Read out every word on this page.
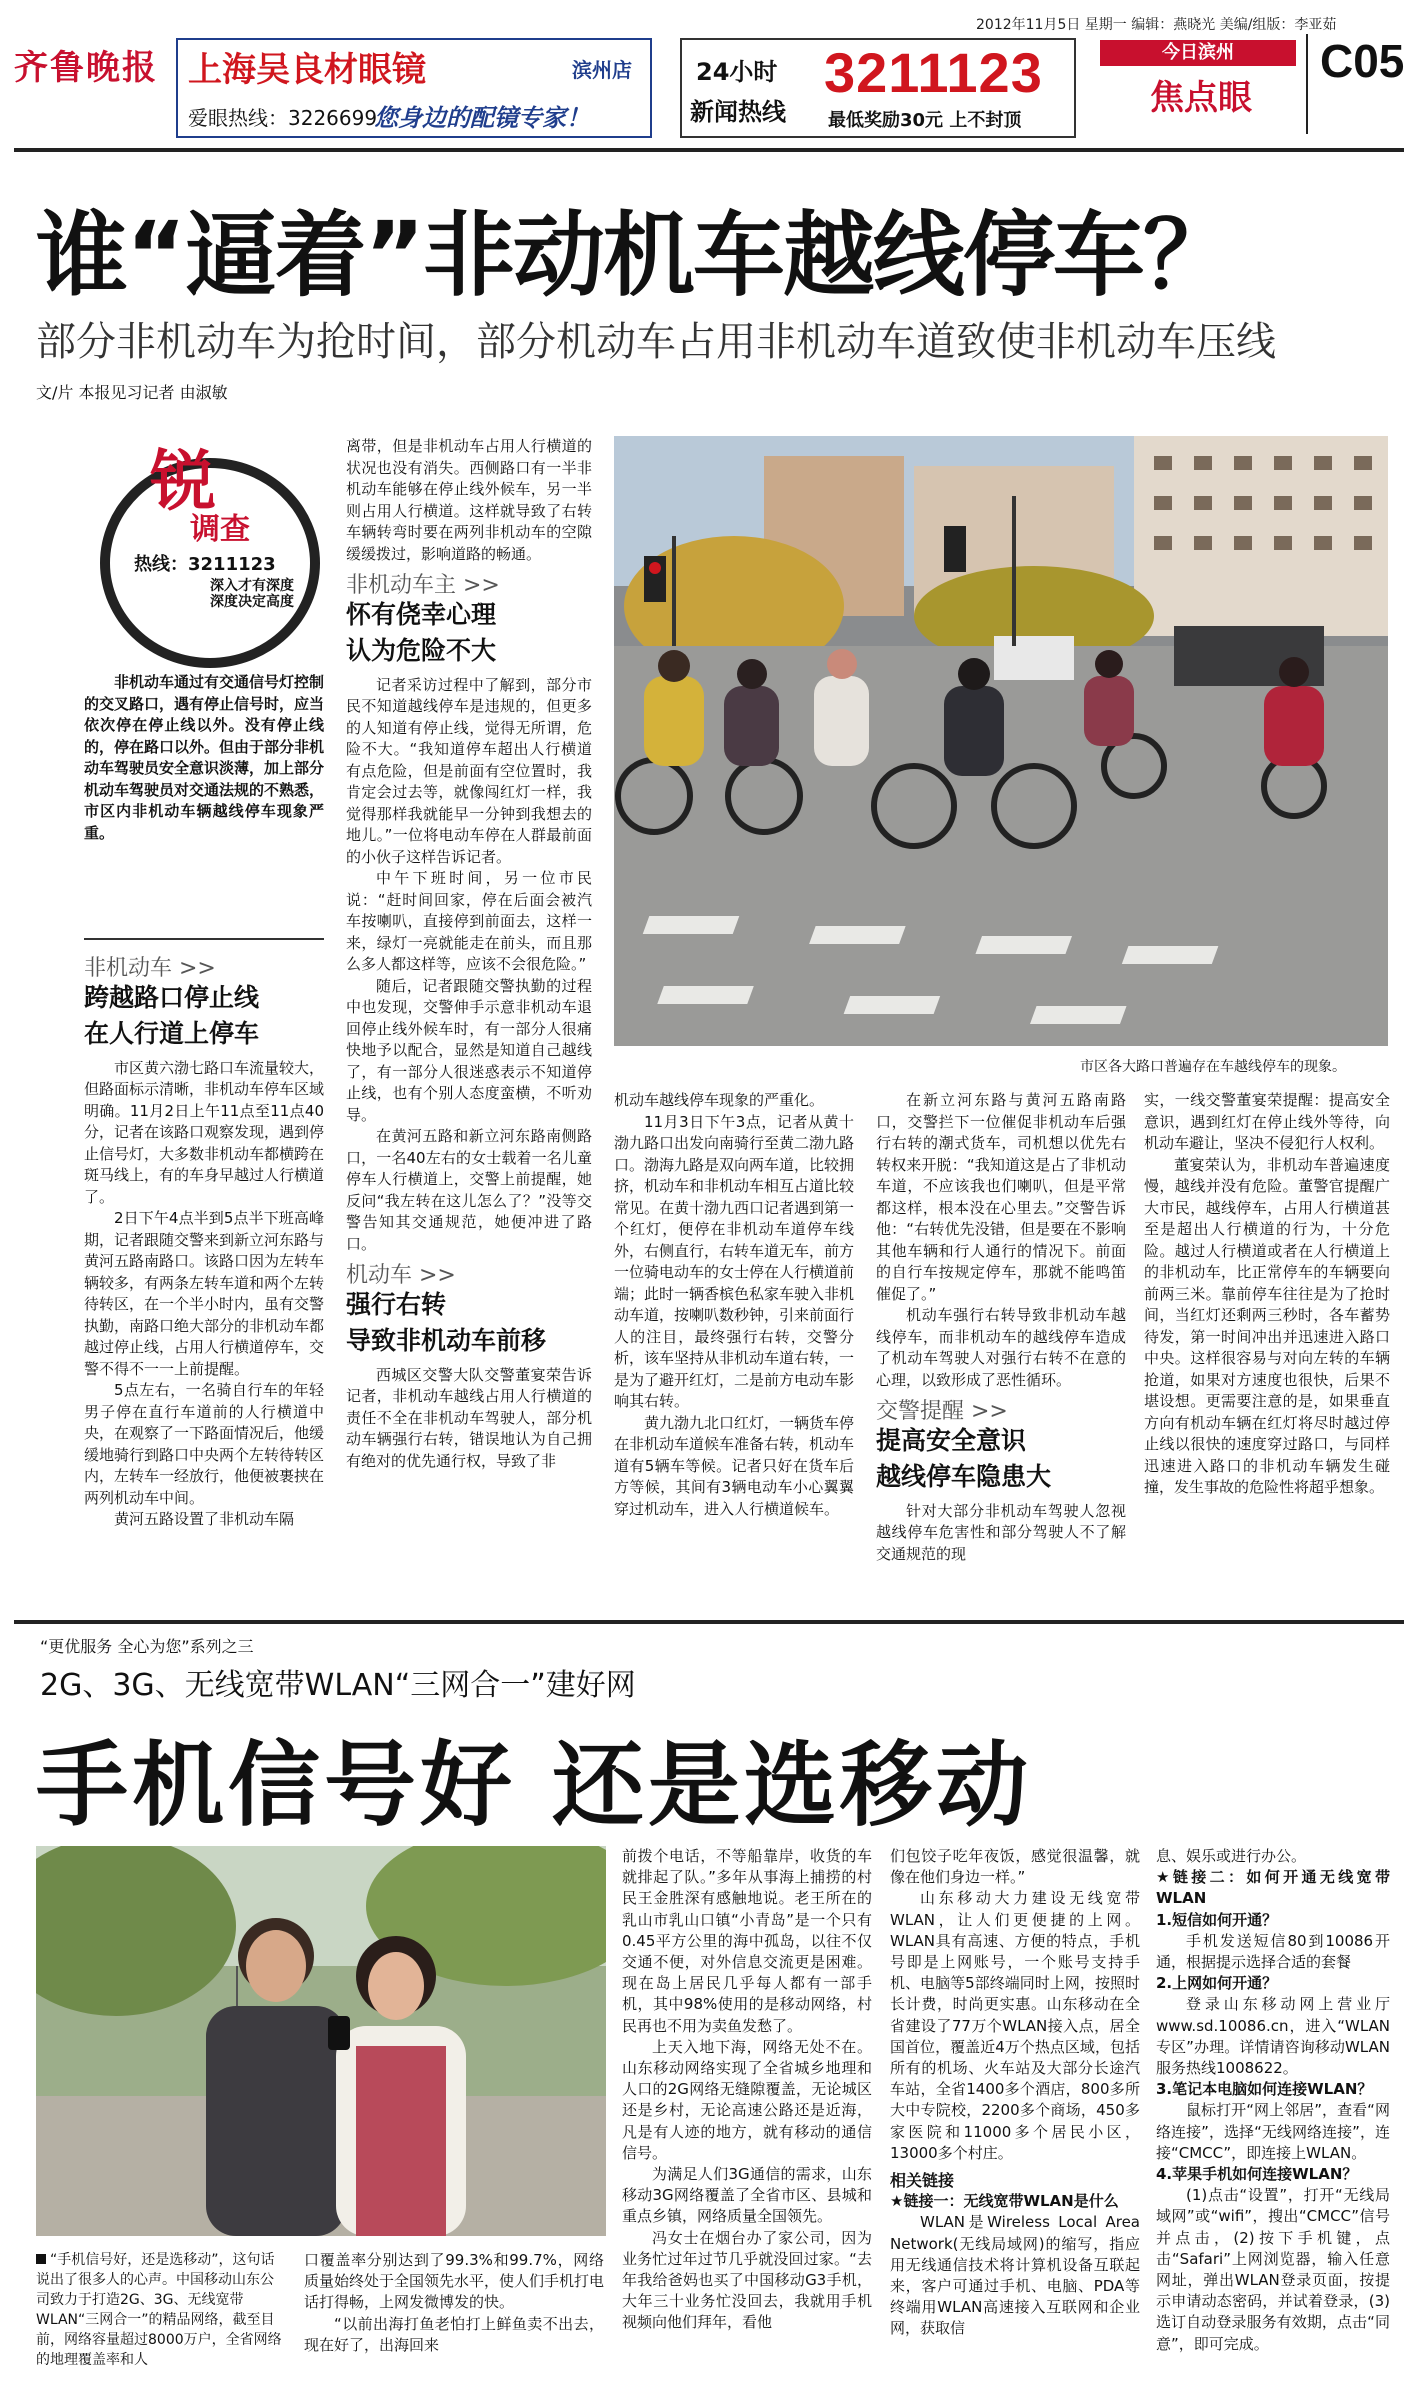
齐鲁晚报 上海吴良材眼镜	滨州店
爱眼热线：3226699
您身边的配镜专家！
24小时
新闻热线
3211123
最低奖励30元 上不封顶
2012年11月5日 星期一 编辑：燕晓光 美编/组版：李亚茹
今日滨州
焦点眼
C05
谁“逼着”非动机车越线停车？
部分非机动车为抢时间，部分机动车占用非机动车道致使非机动车压线
文/片 本报见习记者 由淑敏
锐
调查
热线：3211123
深入才有深度 深度决定高度

非机动车通过有交通信号灯控制的交叉路口，遇有停止信号时，应当依次停在停止线以外。没有停止线的，停在路口以外。但由于部分非机动车驾驶员安全意识淡薄，加上部分机动车驾驶员对交通法规的不熟悉，市区内非机动车辆越线停车现象严重。

非机动车 >>
跨越路口停止线
在人行道上停车

市区黄六渤七路口车流量较大，但路面标示清晰，非机动车停车区域明确。11月2日上午11点至11点40分，记者在该路口观察发现，遇到停止信号灯，大多数非机动车都横跨在斑马线上，有的车身早越过人行横道了。

2日下午4点半到5点半下班高峰期，记者跟随交警来到新立河东路与黄河五路南路口。该路口因为左转车辆较多，有两条左转车道和两个左转待转区，在一个半小时内，虽有交警执勤，南路口绝大部分的非机动车都越过停止线，占用人行横道停车，交警不得不一一上前提醒。

5点左右，一名骑自行车的年轻男子停在直行车道前的人行横道中央，在观察了一下路面情况后，他缓缓地骑行到路口中央两个左转待转区内，左转车一经放行，他便被裹挟在两列机动车中间。

黄河五路设置了非机动车隔

离带，但是非机动车占用人行横道的状况也没有消失。西侧路口有一半非机动车能够在停止线外候车，另一半则占用人行横道。这样就导致了右转车辆转弯时要在两列非机动车的空隙缓缓拨过，影响道路的畅通。

非机动车主 >>
怀有侥幸心理
认为危险不大

记者采访过程中了解到，部分市民不知道越线停车是违规的，但更多的人知道有停止线，觉得无所谓，危险不大。“我知道停车超出人行横道有点危险，但是前面有空位置时，我肯定会过去等，就像闯红灯一样，我觉得那样我就能早一分钟到我想去的地儿。”一位将电动车停在人群最前面的小伙子这样告诉记者。

中午下班时间，另一位市民说：“赶时间回家，停在后面会被汽车按喇叭，直接停到前面去，这样一来，绿灯一亮就能走在前头，而且那么多人都这样等，应该不会很危险。”

随后，记者跟随交警执勤的过程中也发现，交警伸手示意非机动车退回停止线外候车时，有一部分人很痛快地予以配合，显然是知道自己越线了，有一部分人很迷惑表示不知道停止线，也有个别人态度蛮横，不听劝导。

在黄河五路和新立河东路南侧路口，一名40左右的女士载着一名儿童停车人行横道上，交警上前提醒，她反问“我左转在这儿怎么了？”没等交警告知其交通规范，她便冲进了路口。

机动车 >>
强行右转
导致非机动车前移

西城区交警大队交警董宴荣告诉记者，非机动车越线占用人行横道的责任不全在非机动车驾驶人，部分机动车辆强行右转，错误地认为自己拥有绝对的优先通行权，导致了非

市区各大路口普遍存在车越线停车的现象。

机动车越线停车现象的严重化。

11月3日下午3点，记者从黄十渤九路口出发向南骑行至黄二渤九路口。渤海九路是双向两车道，比较拥挤，机动车和非机动车相互占道比较常见。在黄十渤九西口记者遇到第一个红灯，便停在非机动车道停车线外，右侧直行，右转车道无车，前方一位骑电动车的女士停在人行横道前端；此时一辆香槟色私家车驶入非机动车道，按喇叭数秒钟，引来前面行人的注目，最终强行右转，交警分析，该车坚持从非机动车道右转，一是为了避开红灯，二是前方电动车影响其右转。

黄九渤九北口红灯，一辆货车停在非机动车道候车准备右转，机动车道有5辆车等候。记者只好在货车后方等候，其间有3辆电动车小心翼翼穿过机动车，进入人行横道候车。

在新立河东路与黄河五路南路口，交警拦下一位催促非机动车后强行右转的潮式货车，司机想以优先右转权来开脱：“我知道这是占了非机动车道，不应该我也们喇叭，但是平常都这样，根本没在心里去。”交警告诉他：“右转优先没错，但是要在不影响其他车辆和行人通行的情况下。前面的自行车按规定停车，那就不能鸣笛催促了。”

机动车强行右转导致非机动车越线停车，而非机动车的越线停车造成了机动车驾驶人对强行右转不在意的心理，以致形成了恶性循环。

交警提醒 >>
提高安全意识
越线停车隐患大

针对大部分非机动车驾驶人忽视越线停车危害性和部分驾驶人不了解交通规范的现

实，一线交警董宴荣提醒：提高安全意识，遇到红灯在停止线外等待，向机动车避让，坚决不侵犯行人权利。

董宴荣认为，非机动车普遍速度慢，越线并没有危险。董警官提醒广大市民，越线停车，占用人行横道甚至是超出人行横道的行为，十分危险。越过人行横道或者在人行横道上的非机动车，比正常停车的车辆要向前两三米。靠前停车往往是为了抢时间，当红灯还剩两三秒时，各车蓄势待发，第一时间冲出并迅速进入路口中央。这样很容易与对向左转的车辆抢道，如果对方速度也很快，后果不堪设想。更需要注意的是，如果垂直方向有机动车辆在红灯将尽时越过停止线以很快的速度穿过路口，与同样迅速进入路口的非机动车辆发生碰撞，发生事故的危险性将超乎想象。

“更优服务 全心为您”系列之三
2G、3G、无线宽带WLAN“三网合一”建好网
手机信号好 还是选移动
“手机信号好，还是选移动”，这句话说出了很多人的心声。中国移动山东公司致力于打造2G、3G、无线宽带WLAN“三网合一”的精品网络，截至目前，网络容量超过8000万户，全省网络的地理覆盖率和人

口覆盖率分别达到了99.3%和99.7%，网络质量始终处于全国领先水平，使人们手机打电话打得畅，上网发微博发的快。

“以前出海打鱼老怕打上鲜鱼卖不出去，现在好了，出海回来

前拨个电话，不等船靠岸，收货的车就排起了队。”多年从事海上捕捞的村民王金胜深有感触地说。老王所在的乳山市乳山口镇“小青岛”是一个只有0.45平方公里的海中孤岛，以往不仅交通不便，对外信息交流更是困难。现在岛上居民几乎每人都有一部手机，其中98%使用的是移动网络，村民再也不用为卖鱼发愁了。

上天入地下海，网络无处不在。山东移动网络实现了全省城乡地理和人口的2G网络无缝隙覆盖，无论城区还是乡村，无论高速公路还是近海，凡是有人迹的地方，就有移动的通信信号。

为满足人们3G通信的需求，山东移动3G网络覆盖了全省市区、县城和重点乡镇，网络质量全国领先。

冯女士在烟台办了家公司，因为业务忙过年过节几乎就没回过家。“去年我给爸妈也买了中国移动G3手机，大年三十业务忙没回去，我就用手机视频向他们拜年，看他

们包饺子吃年夜饭，感觉很温馨，就像在他们身边一样。”

山东移动大力建设无线宽带WLAN，让人们更便捷的上网。WLAN具有高速、方便的特点，手机号即是上网账号，一个账号支持手机、电脑等5部终端同时上网，按照时长计费，时尚更实惠。山东移动在全省建设了77万个WLAN接入点，居全国首位，覆盖近4万个热点区域，包括所有的机场、火车站及大部分长途汽车站，全省1400多个酒店，800多所大中专院校，2200多个商场，450多家医院和11000多个居民小区，13000多个村庄。

相关链接
★链接一：无线宽带WLAN是什么

WLAN是Wireless Local Area Network(无线局域网)的缩写，指应用无线通信技术将计算机设备互联起来，客户可通过手机、电脑、PDA等终端用WLAN高速接入互联网和企业网，获取信

息、娱乐或进行办公。

★链接二：如何开通无线宽带WLAN
1.短信如何开通？

手机发送短信80到10086开通，根据提示选择合适的套餐

2.上网如何开通？

登录山东移动网上营业厅www.sd.10086.cn，进入“WLAN专区”办理。详情请咨询移动WLAN服务热线1008622。

3.笔记本电脑如何连接WLAN？

鼠标打开“网上邻居”，查看“网络连接”，选择“无线网络连接”，连接“CMCC”，即连接上WLAN。

4.苹果手机如何连接WLAN？

(1)点击“设置”，打开“无线局域网”或“wifi”，搜出“CMCC”信号并点击，(2)按下手机键，点击“Safari”上网浏览器，输入任意网址，弹出WLAN登录页面，按提示申请动态密码，并试着登录，(3)选订自动登录服务有效期，点击“同意”，即可完成。
